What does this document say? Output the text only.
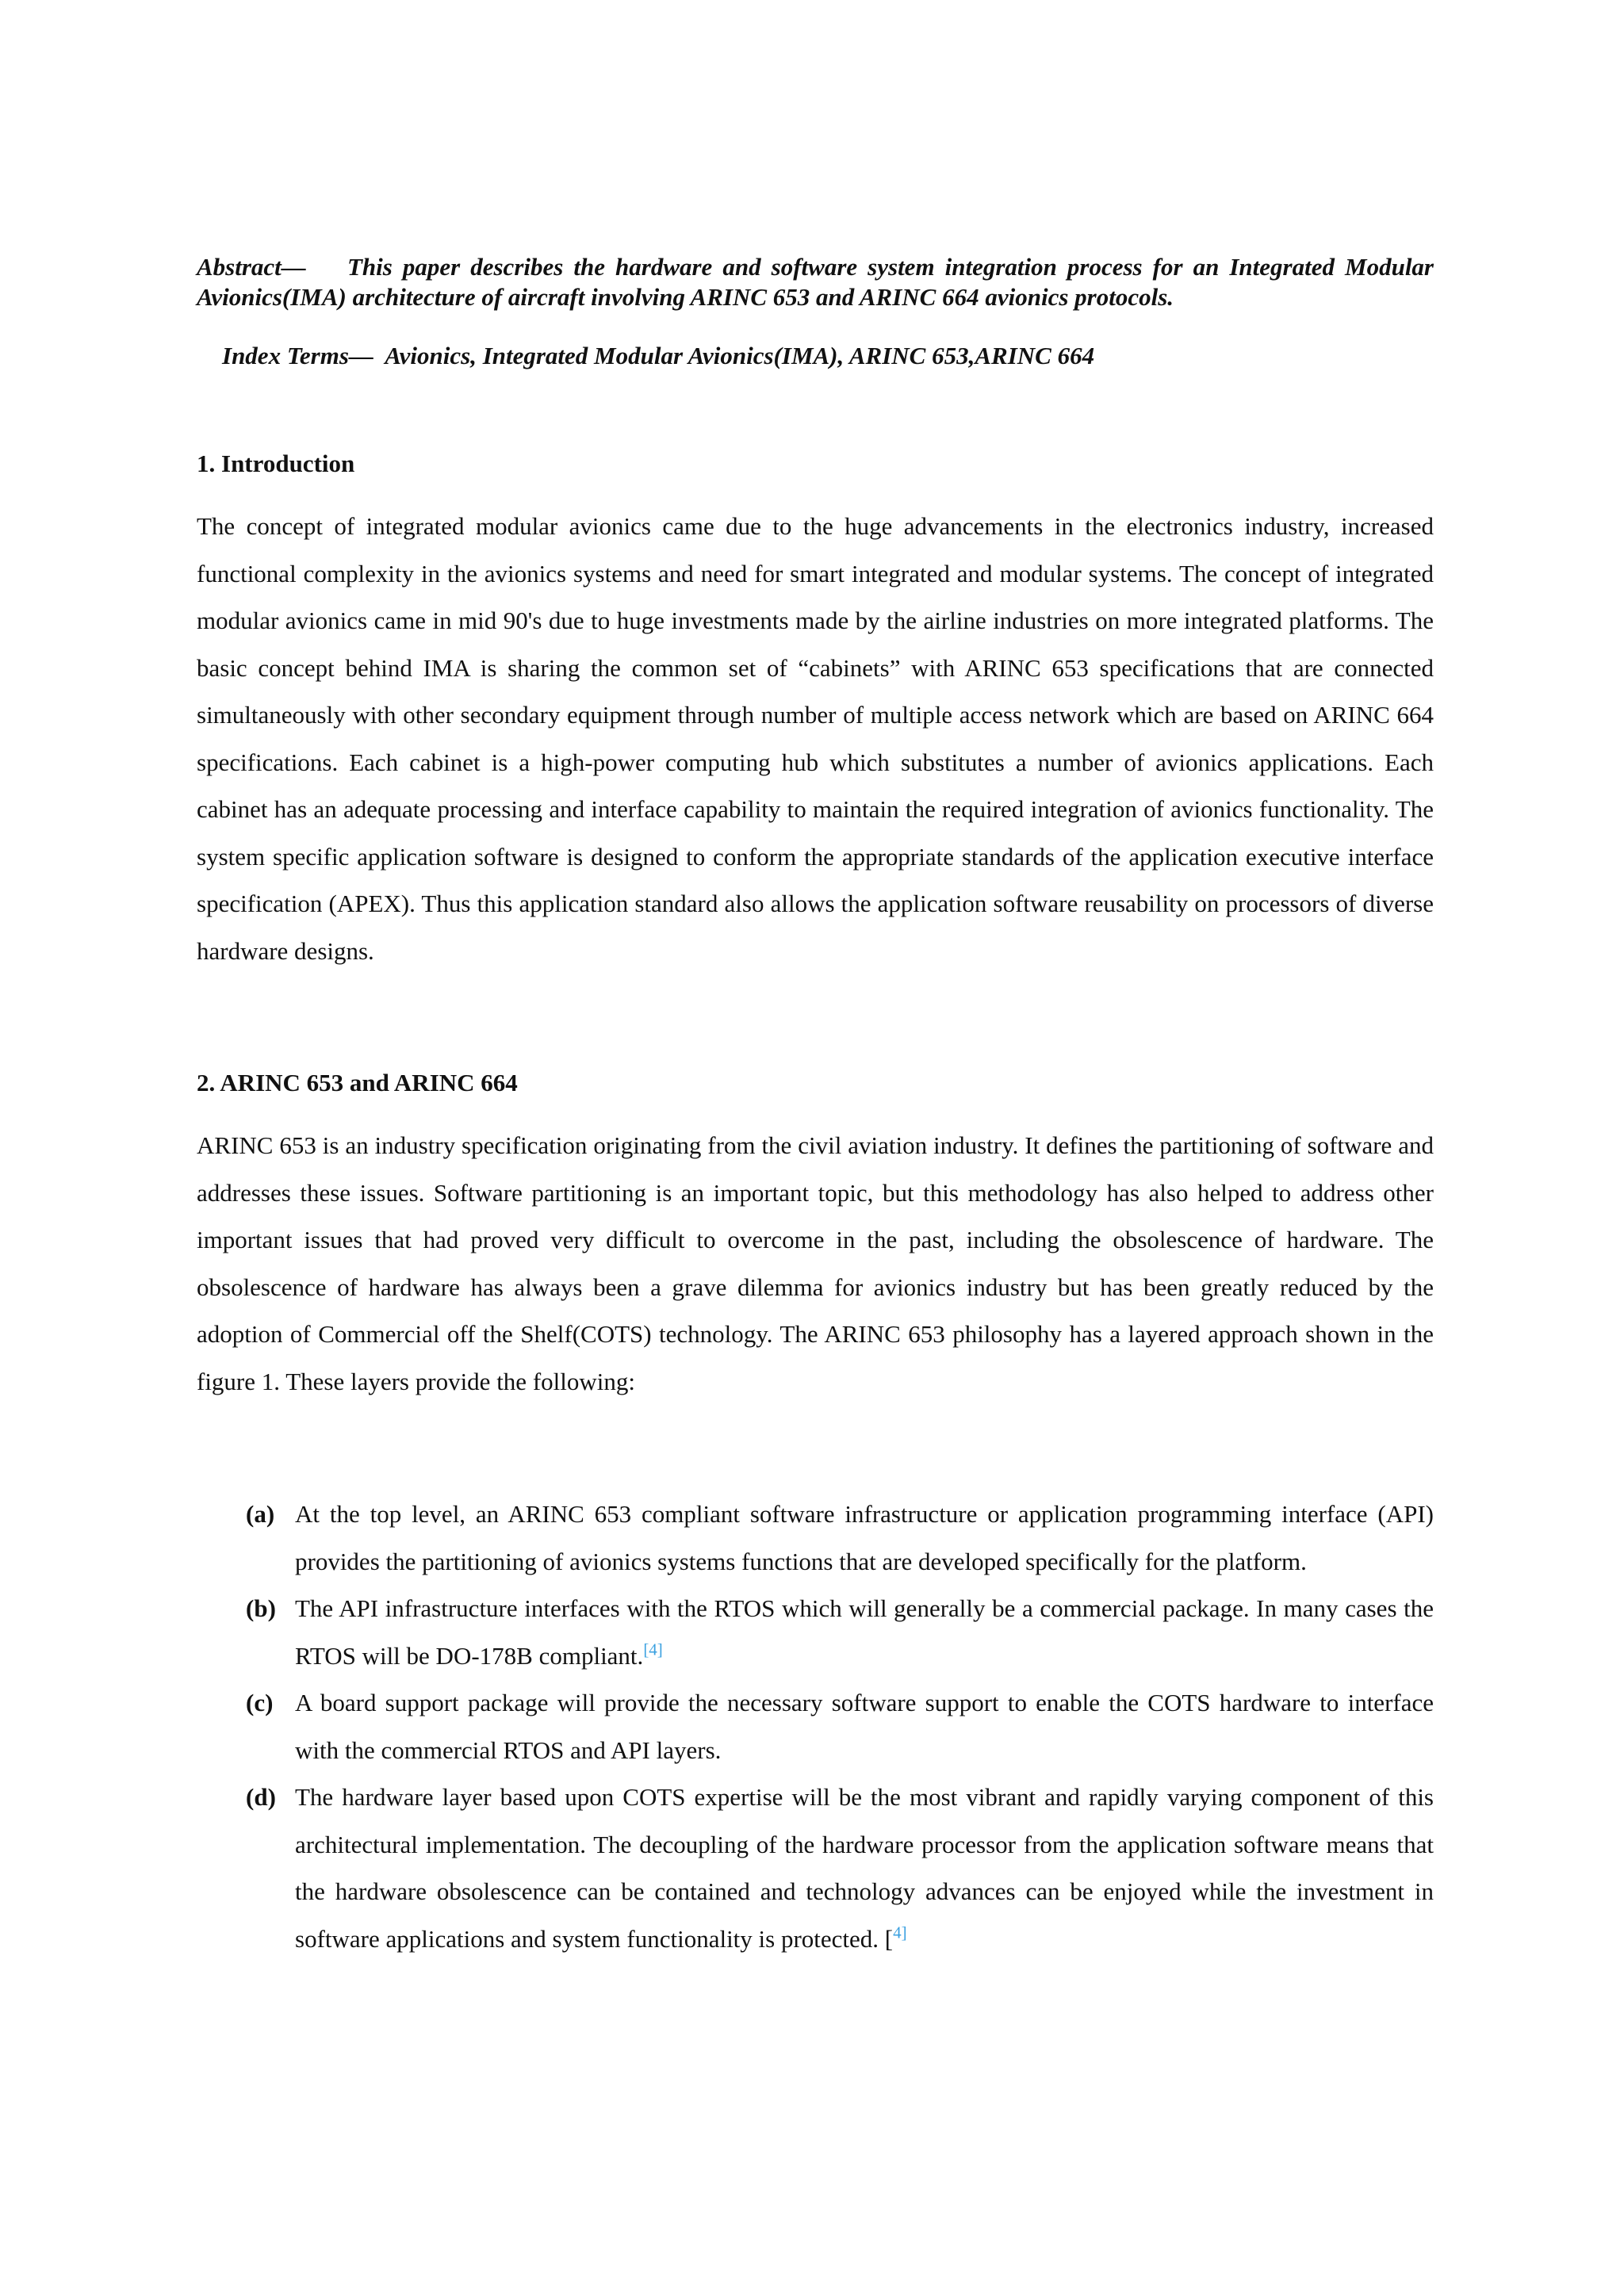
Abstract— This paper describes the hardware and software system integration process for an Integrated Modular Avionics(IMA) architecture of aircraft involving ARINC 653 and ARINC 664 avionics protocols.

Index Terms— Avionics, Integrated Modular Avionics(IMA), ARINC 653,ARINC 664

1. Introduction

The concept of integrated modular avionics came due to the huge advancements in the electronics industry, increased functional complexity in the avionics systems and need for smart integrated and modular systems. The concept of integrated modular avionics came in mid 90's due to huge investments made by the airline industries on more integrated platforms. The basic concept behind IMA is sharing the common set of “cabinets” with ARINC 653 specifications that are connected simultaneously with other secondary equipment through number of multiple access network which are based on ARINC 664 specifications. Each cabinet is a high-power computing hub which substitutes a number of avionics applications. Each cabinet has an adequate processing and interface capability to maintain the required integration of avionics functionality. The system specific application software is designed to conform the appropriate standards of the application executive interface specification (APEX). Thus this application standard also allows the application software reusability on processors of diverse hardware designs.

2. ARINC 653 and ARINC 664

ARINC 653 is an industry specification originating from the civil aviation industry. It defines the partitioning of software and addresses these issues. Software partitioning is an important topic, but this methodology has also helped to address other important issues that had proved very difficult to overcome in the past, including the obsolescence of hardware. The obsolescence of hardware has always been a grave dilemma for avionics industry but has been greatly reduced by the adoption of Commercial off the Shelf(COTS) technology. The ARINC 653 philosophy has a layered approach shown in the figure 1. These layers provide the following:

(a) At the top level, an ARINC 653 compliant software infrastructure or application programming interface (API) provides the partitioning of avionics systems functions that are developed specifically for the platform.
(b) The API infrastructure interfaces with the RTOS which will generally be a commercial package. In many cases the RTOS will be DO-178B compliant.[4]
(c) A board support package will provide the necessary software support to enable the COTS hardware to interface with the commercial RTOS and API layers.
(d) The hardware layer based upon COTS expertise will be the most vibrant and rapidly varying component of this architectural implementation. The decoupling of the hardware processor from the application software means that the hardware obsolescence can be contained and technology advances can be enjoyed while the investment in software applications and system functionality is protected. [$^{4]}$
